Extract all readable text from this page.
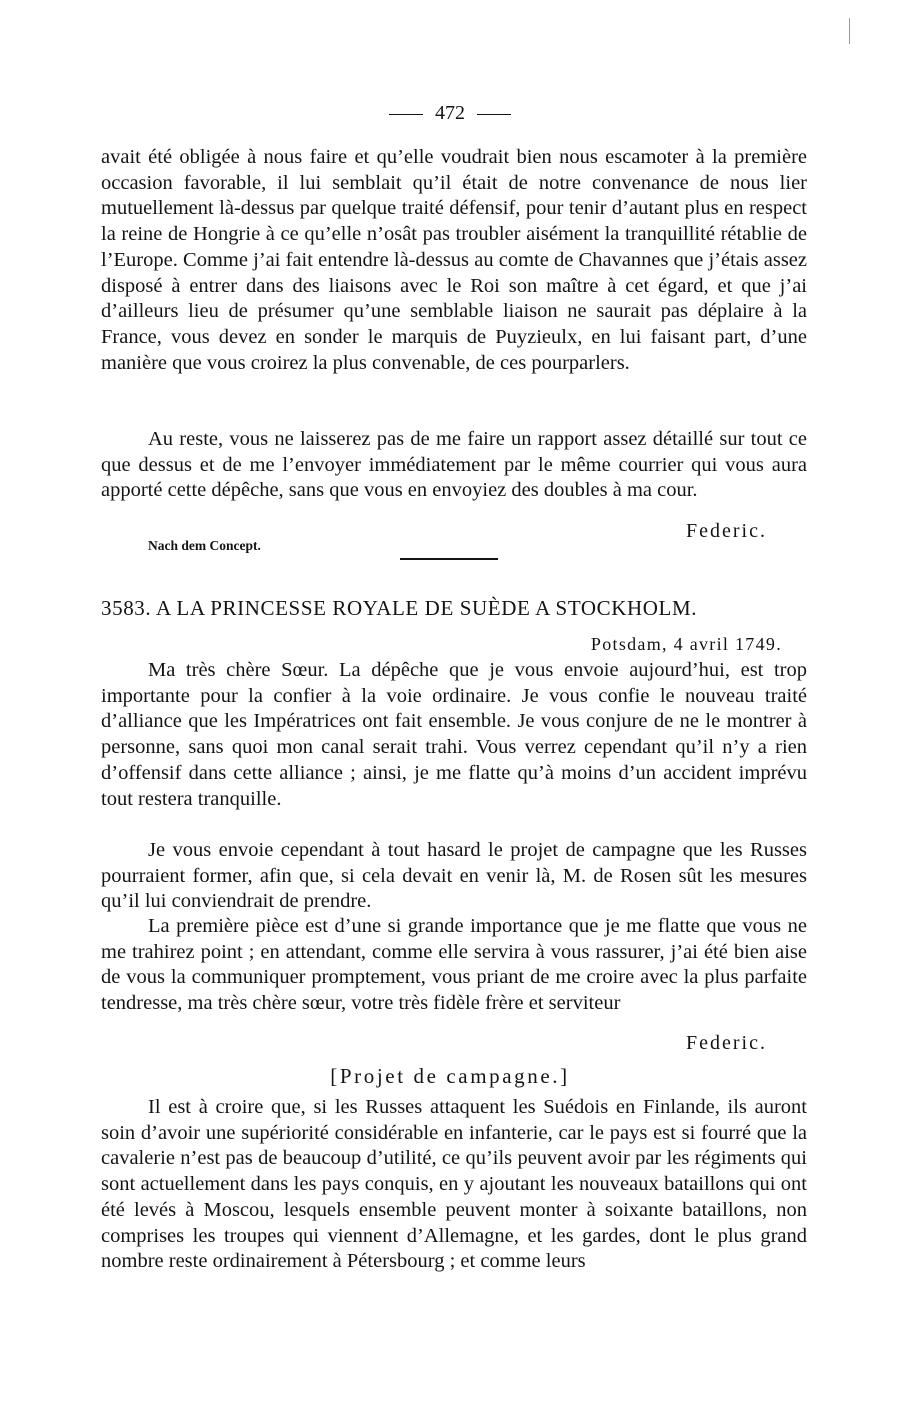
472

avait été obligée à nous faire et qu’elle voudrait bien nous escamoter à la première occasion favorable, il lui semblait qu’il était de notre convenance de nous lier mutuellement là-dessus par quelque traité défensif, pour tenir d’autant plus en respect la reine de Hongrie à ce qu’elle n’osât pas troubler aisément la tranquillité rétablie de l’Europe. Comme j’ai fait entendre là-dessus au comte de Chavannes que j’étais assez disposé à entrer dans des liaisons avec le Roi son maître à cet égard, et que j’ai d’ailleurs lieu de présumer qu’une semblable liaison ne saurait pas déplaire à la France, vous devez en sonder le marquis de Puyzieulx, en lui faisant part, d’une manière que vous croirez la plus convenable, de ces pourparlers.

Au reste, vous ne laisserez pas de me faire un rapport assez détaillé sur tout ce que dessus et de me l’envoyer immédiatement par le même courrier qui vous aura apporté cette dépêche, sans que vous en envoyiez des doubles à ma cour.

Federic.
Nach dem Concept.
3583. A LA PRINCESSE ROYALE DE SUÈDE A STOCKHOLM.
Potsdam, 4 avril 1749.

Ma très chère Sœur. La dépêche que je vous envoie aujourd’hui, est trop importante pour la confier à la voie ordinaire. Je vous confie le nouveau traité d’alliance que les Impératrices ont fait ensemble. Je vous conjure de ne le montrer à personne, sans quoi mon canal serait trahi. Vous verrez cependant qu’il n’y a rien d’offensif dans cette alliance ; ainsi, je me flatte qu’à moins d’un accident imprévu tout restera tranquille.

Je vous envoie cependant à tout hasard le projet de campagne que les Russes pourraient former, afin que, si cela devait en venir là, M. de Rosen sût les mesures qu’il lui conviendrait de prendre.

La première pièce est d’une si grande importance que je me flatte que vous ne me trahirez point ; en attendant, comme elle servira à vous rassurer, j’ai été bien aise de vous la communiquer promptement, vous priant de me croire avec la plus parfaite tendresse, ma très chère sœur, votre très fidèle frère et serviteur

Federic.
[Projet de campagne.]

Il est à croire que, si les Russes attaquent les Suédois en Finlande, ils auront soin d’avoir une supériorité considérable en infanterie, car le pays est si fourré que la cavalerie n’est pas de beaucoup d’utilité, ce qu’ils peuvent avoir par les régiments qui sont actuellement dans les pays conquis, en y ajoutant les nouveaux bataillons qui ont été levés à Moscou, lesquels ensemble peuvent monter à soixante bataillons, non comprises les troupes qui viennent d’Allemagne, et les gardes, dont le plus grand nombre reste ordinairement à Pétersbourg ; et comme leurs
